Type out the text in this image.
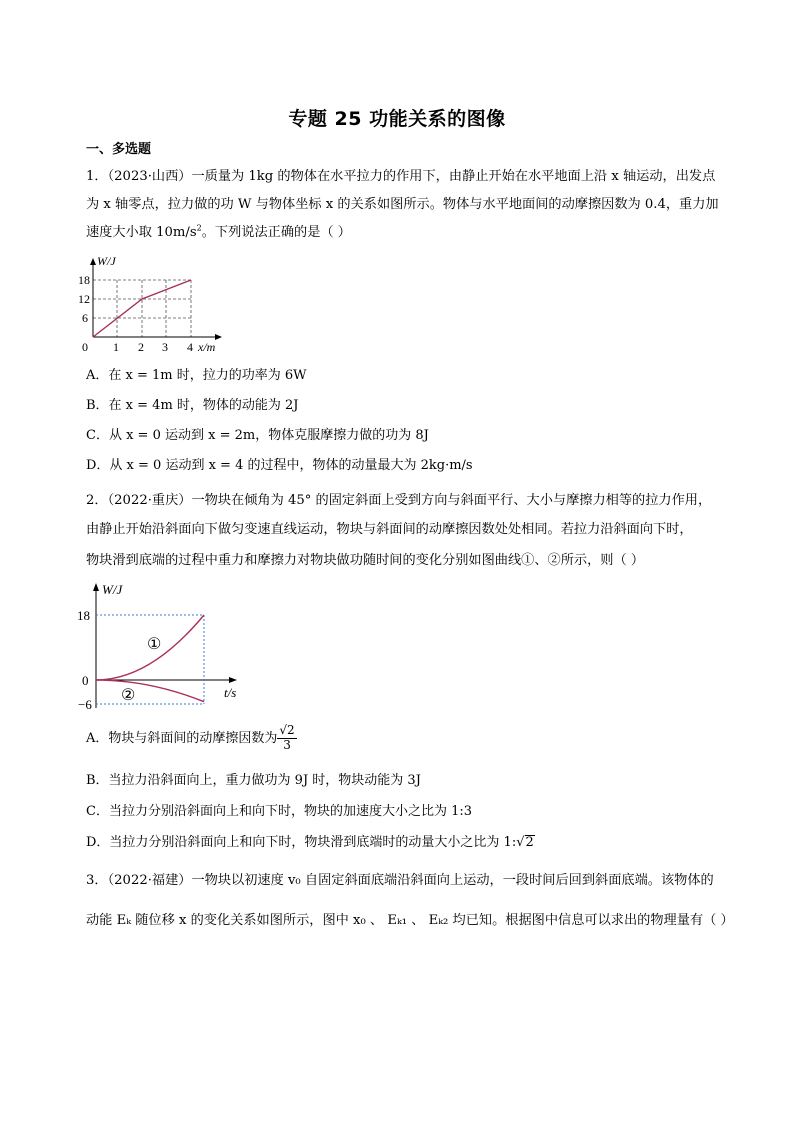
专题 25 功能关系的图像
一、多选题
1．（2023·山西）一质量为 1kg 的物体在水平拉力的作用下，由静止开始在水平地面上沿 x 轴运动，出发点
为 x 轴零点，拉力做的功 W 与物体坐标 x 的关系如图所示。物体与水平地面间的动摩擦因数为 0.4，重力加
速度大小取 $10m/s^2$。下列说法正确的是（ ）
W/J
18
12
6
0 1 2 3 4 x/m
A．在 x = 1m 时，拉力的功率为 6W
B．在 x = 4m 时，物体的动能为 2J
C．从 x = 0 运动到 x = 2m，物体克服摩擦力做的功为 8J
D．从 x = 0 运动到 x = 4 的过程中，物体的动量最大为 2kg·m/s
2．（2022·重庆）一物块在倾角为 45° 的固定斜面上受到方向与斜面平行、大小与摩擦力相等的拉力作用，
由静止开始沿斜面向下做匀变速直线运动，物块与斜面间的动摩擦因数处处相同。若拉力沿斜面向下时，
物块滑到底端的过程中重力和摩擦力对物块做功随时间的变化分别如图曲线①、②所示，则（ ）
W/J
18
0
−6
①
②	t/s
A．物块与斜面间的动摩擦因数为 $\frac{√2}{3}$
B．当拉力沿斜面向上，重力做功为 9J 时，物块动能为 3J
C．当拉力分别沿斜面向上和向下时，物块的加速度大小之比为 1:3
D．当拉力分别沿斜面向上和向下时，物块滑到底端时的动量大小之比为 1:√2
3．（2022·福建）一物块以初速度 v₀ 自固定斜面底端沿斜面向上运动，一段时间后回到斜面底端。该物体的
动能 Eₖ 随位移 x 的变化关系如图所示，图中 x₀ 、 Eₖ₁ 、 Eₖ₂ 均已知。根据图中信息可以求出的物理量有（ ）
